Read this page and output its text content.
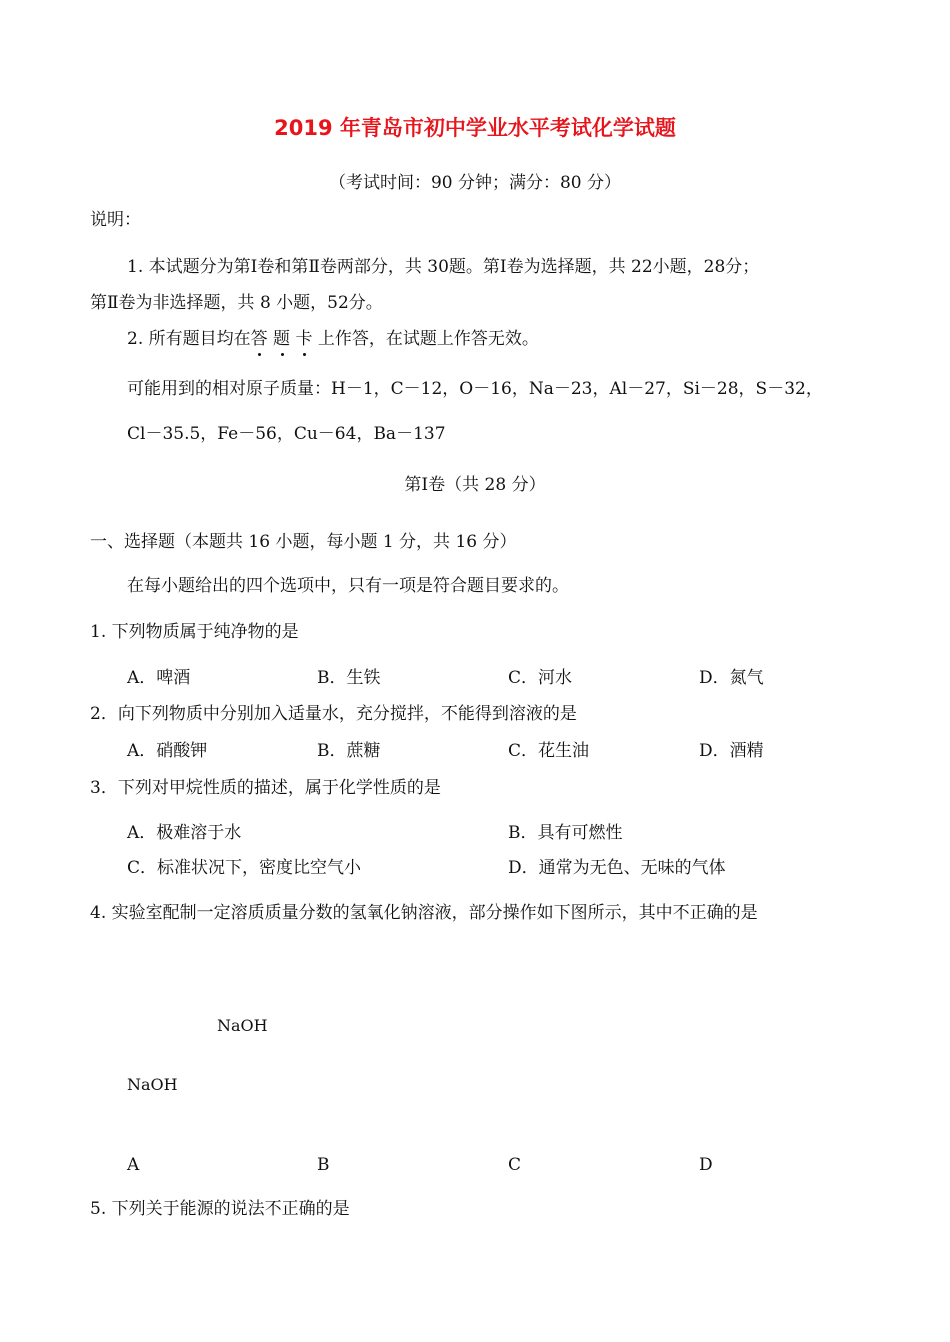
2019 年青岛市初中学业水平考试化学试题
（考试时间：90 分钟；满分：80 分）
说明：
1. 本试题分为第Ⅰ卷和第Ⅱ卷两部分，共 30题。第Ⅰ卷为选择题，共 22小题，28分；
第Ⅱ卷为非选择题，共 8 小题，52分。
2. 所有题目均在答 题 卡 上作答，在试题上作答无效。
可能用到的相对原子质量：H－1，C－12，O－16，Na－23，Al－27，Si－28，S－32，
Cl－35.5，Fe－56，Cu－64，Ba－137
第Ⅰ卷（共 28 分）
一、选择题（本题共 16 小题，每小题 1 分，共 16 分）
在每小题给出的四个选项中，只有一项是符合题目要求的。
1. 下列物质属于纯净物的是
A．啤酒	B．生铁	C．河水	D．氮气
2．向下列物质中分别加入适量水，充分搅拌，不能得到溶液的是
A．硝酸钾	B．蔗糖	C．花生油	D．酒精
3．下列对甲烷性质的描述，属于化学性质的是
A．极难溶于水	B．具有可燃性
C．标准状况下，密度比空气小	D．通常为无色、无味的气体
4. 实验室配制一定溶质质量分数的氢氧化钠溶液，部分操作如下图所示，其中不正确的是
NaOH
NaOH
A	B	C	D
5. 下列关于能源的说法不正确的是
